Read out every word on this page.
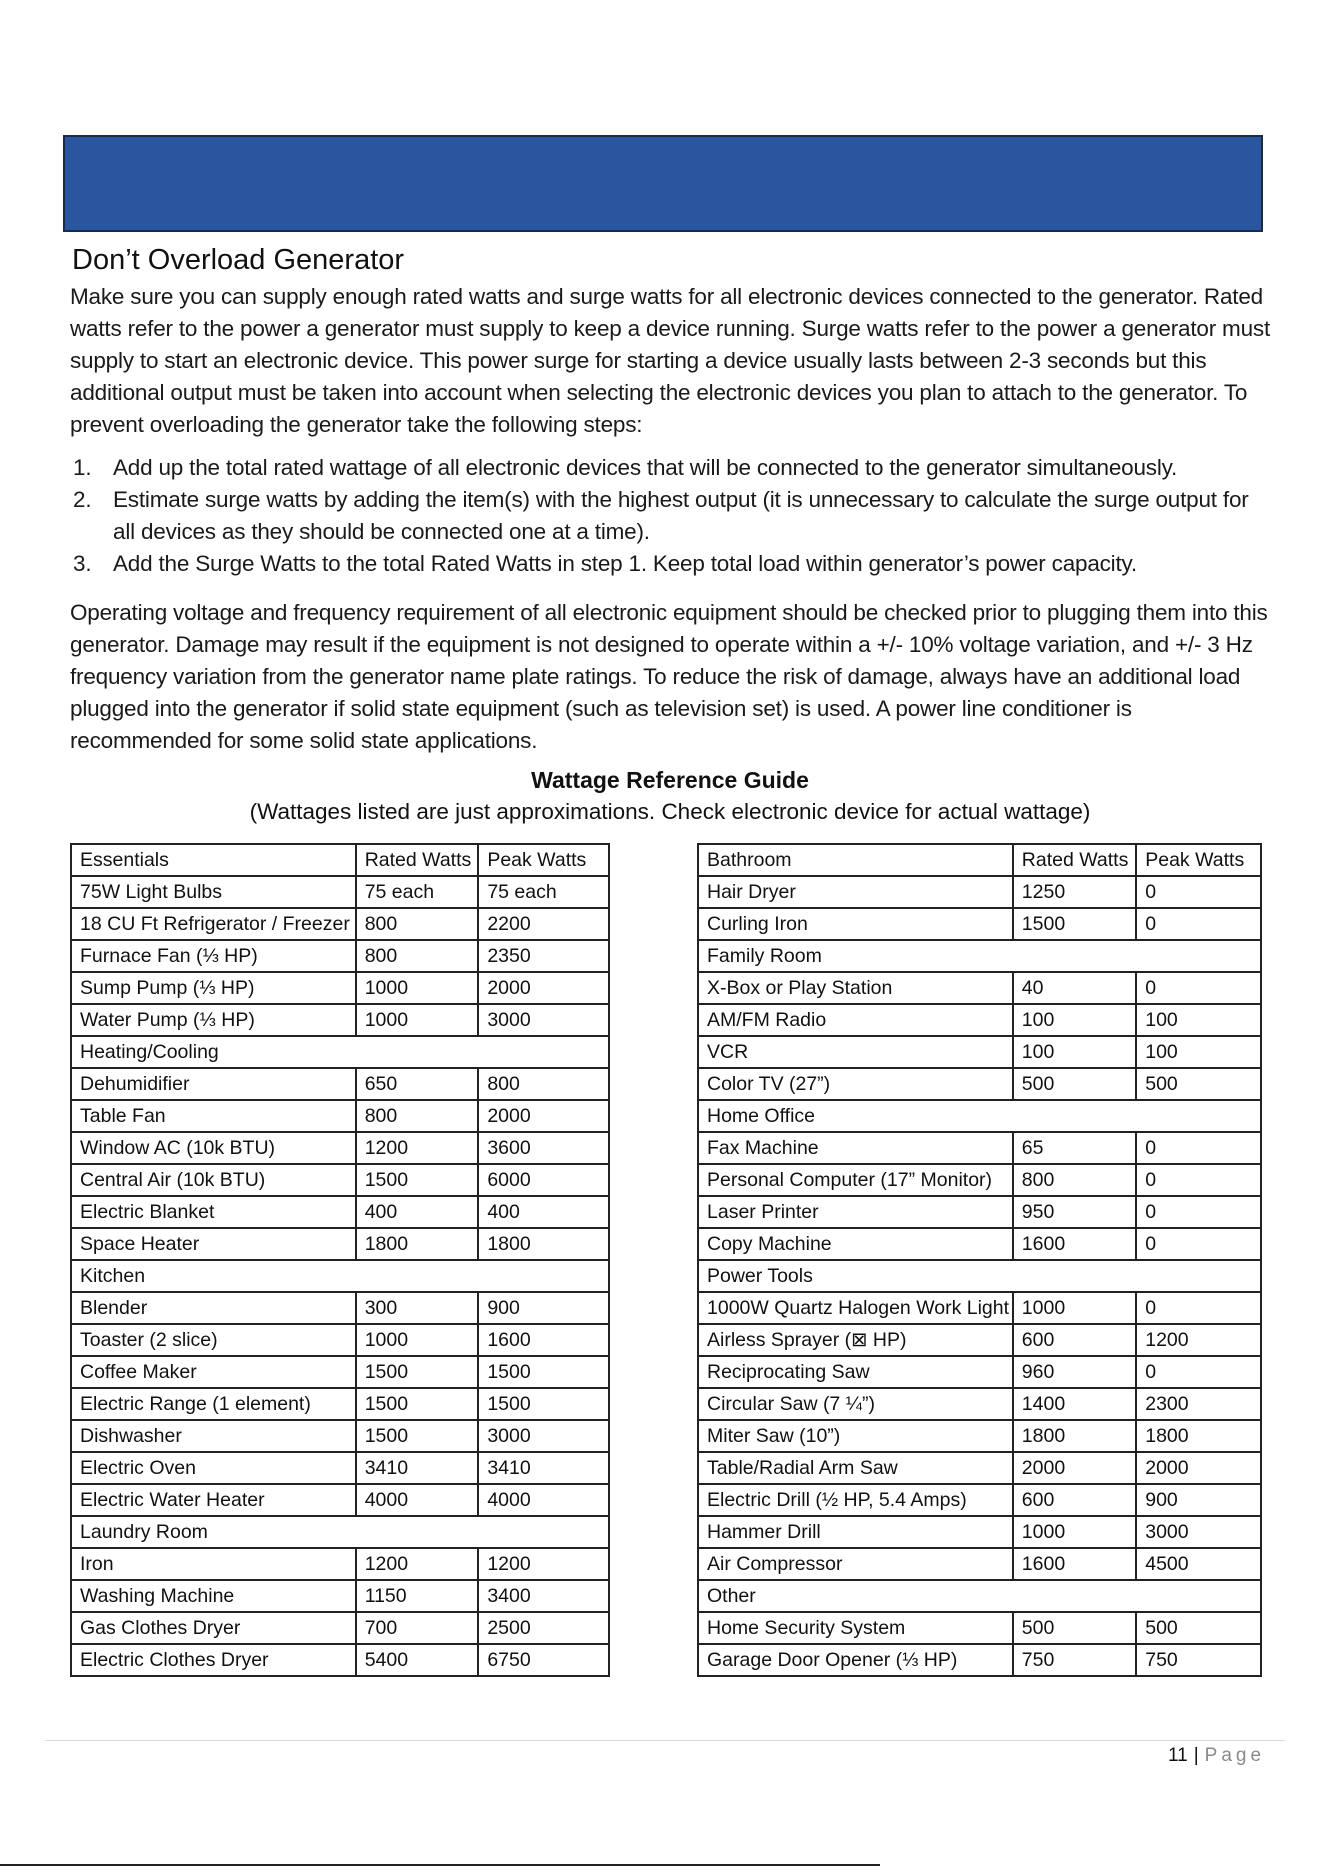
Don’t Overload Generator
Make sure you can supply enough rated watts and surge watts for all electronic devices connected to the generator. Rated watts refer to the power a generator must supply to keep a device running. Surge watts refer to the power a generator must supply to start an electronic device. This power surge for starting a device usually lasts between 2-3 seconds but this additional output must be taken into account when selecting the electronic devices you plan to attach to the generator. To prevent overloading the generator take the following steps:
1. Add up the total rated wattage of all electronic devices that will be connected to the generator simultaneously.
2. Estimate surge watts by adding the item(s) with the highest output (it is unnecessary to calculate the surge output for all devices as they should be connected one at a time).
3. Add the Surge Watts to the total Rated Watts in step 1. Keep total load within generator’s power capacity.
Operating voltage and frequency requirement of all electronic equipment should be checked prior to plugging them into this generator. Damage may result if the equipment is not designed to operate within a +/- 10% voltage variation, and +/- 3 Hz frequency variation from the generator name plate ratings. To reduce the risk of damage, always have an additional load plugged into the generator if solid state equipment (such as television set) is used. A power line conditioner is recommended for some solid state applications.
Wattage Reference Guide
(Wattages listed are just approximations. Check electronic device for actual wattage)
Essentials	Rated Watts	Peak Watts
75W Light Bulbs	75 each	75 each
18 CU Ft Refrigerator / Freezer	800	2200
Furnace Fan (⅓ HP)	800	2350
Sump Pump (⅓ HP)	1000	2000
Water Pump (⅓ HP)	1000	3000
Heating/Cooling		
Dehumidifier	650	800
Table Fan	800	2000
Window AC (10k BTU)	1200	3600
Central Air (10k BTU)	1500	6000
Electric Blanket	400	400
Space Heater	1800	1800
Kitchen		
Blender	300	900
Toaster (2 slice)	1000	1600
Coffee Maker	1500	1500
Electric Range (1 element)	1500	1500
Dishwasher	1500	3000
Electric Oven	3410	3410
Electric Water Heater	4000	4000
Laundry Room		
Iron	1200	1200
Washing Machine	1150	3400
Gas Clothes Dryer	700	2500
Electric Clothes Dryer	5400	6750
Bathroom	Rated Watts	Peak Watts
Hair Dryer	1250	0
Curling Iron	1500	0
Family Room		
X-Box or Play Station	40	0
AM/FM Radio	100	100
VCR	100	100
Color TV (27”)	500	500
Home Office		
Fax Machine	65	0
Personal Computer (17” Monitor)	800	0
Laser Printer	950	0
Copy Machine	1600	0
Power Tools		
1000W Quartz Halogen Work Light	1000	0
Airless Sprayer (⊠ HP)	600	1200
Reciprocating Saw	960	0
Circular Saw (7 ¼”)	1400	2300
Miter Saw (10”)	1800	1800
Table/Radial Arm Saw	2000	2000
Electric Drill (½ HP, 5.4 Amps)	600	900
Hammer Drill	1000	3000
Air Compressor	1600	4500
Other		
Home Security System	500	500
Garage Door Opener (⅓ HP)	750	750
11 | Page
